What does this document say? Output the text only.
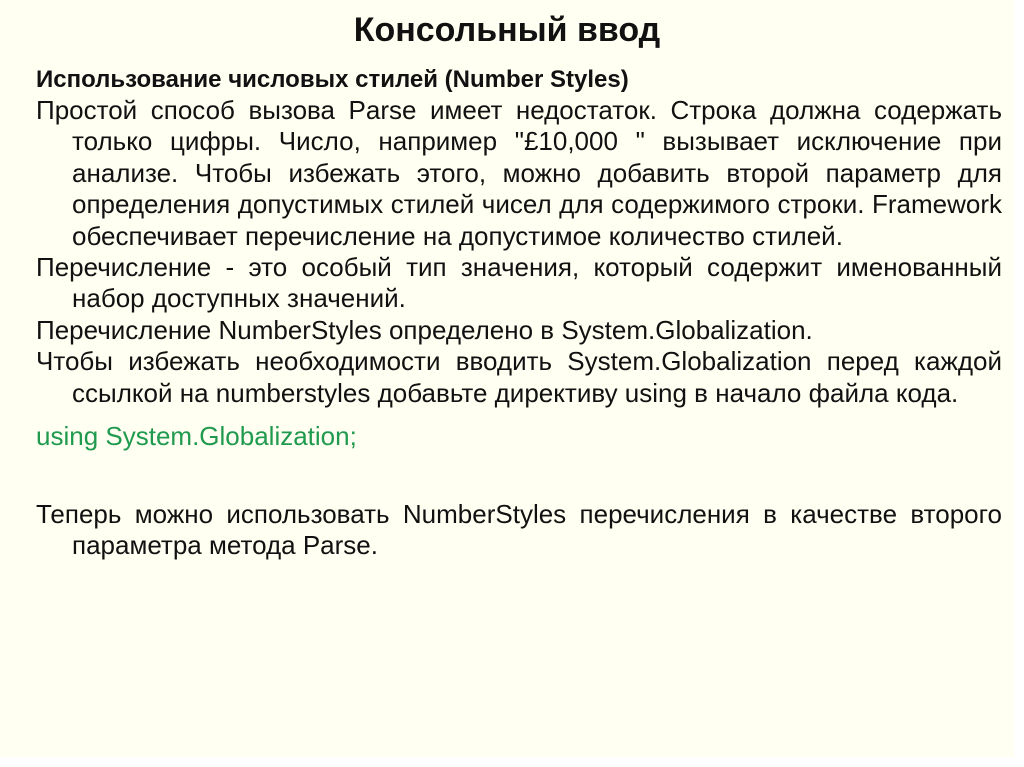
Консольный ввод

Использование числовых стилей (Number Styles)

Простой способ вызова Parse имеет недостаток. Строка должна содержать только цифры. Число, например "£10,000 " вызывает исключение при анализе. Чтобы избежать этого, можно добавить второй параметр для определения допустимых стилей чисел для содержимого строки. Framework обеспечивает перечисление на допустимое количество стилей.

Перечисление - это особый тип значения, который содержит именованный набор доступных значений.

Перечисление NumberStyles определено в System.Globalization.

Чтобы избежать необходимости вводить System.Globalization перед каждой ссылкой на numberstyles добавьте директиву using в начало файла кода.

using System.Globalization;

Теперь можно использовать NumberStyles перечисления в качестве второго параметра метода Parse.
